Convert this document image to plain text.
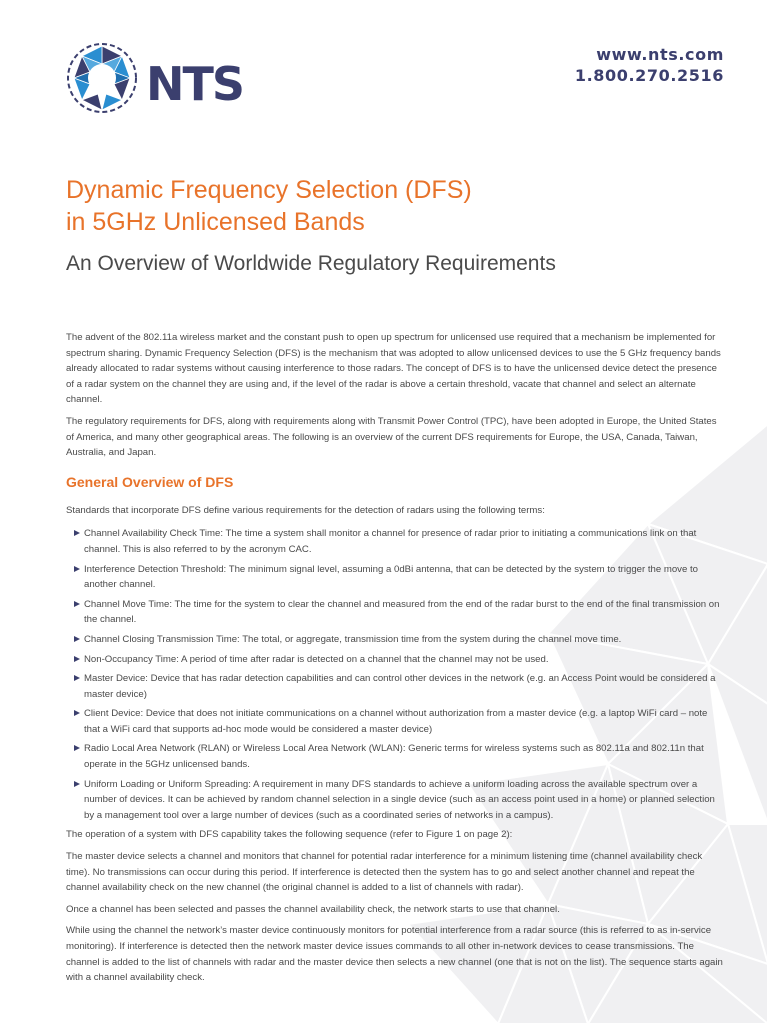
NTS
www.nts.com
1.800.270.2516
Dynamic Frequency Selection (DFS)
in 5GHz Unlicensed Bands
An Overview of Worldwide Regulatory Requirements

The advent of the 802.11a wireless market and the constant push to open up spectrum for unlicensed use required that a mechanism be implemented for spectrum sharing. Dynamic Frequency Selection (DFS) is the mechanism that was adopted to allow unlicensed devices to use the 5 GHz frequency bands already allocated to radar systems without causing interference to those radars. The concept of DFS is to have the unlicensed device detect the presence of a radar system on the channel they are using and, if the level of the radar is above a certain threshold, vacate that channel and select an alternate channel.

The regulatory requirements for DFS, along with requirements along with Transmit Power Control (TPC), have been adopted in Europe, the United States of America, and many other geographical areas. The following is an overview of the current DFS requirements for Europe, the USA, Canada, Taiwan, Australia, and Japan.

General Overview of DFS

Standards that incorporate DFS define various requirements for the detection of radars using the following terms:

Channel Availability Check Time: The time a system shall monitor a channel for presence of radar prior to initiating a communications link on that channel. This is also referred to by the acronym CAC.
Interference Detection Threshold: The minimum signal level, assuming a 0dBi antenna, that can be detected by the system to trigger the move to another channel.
Channel Move Time: The time for the system to clear the channel and measured from the end of the radar burst to the end of the final transmission on the channel.
Channel Closing Transmission Time: The total, or aggregate, transmission time from the system during the channel move time.
Non-Occupancy Time: A period of time after radar is detected on a channel that the channel may not be used.
Master Device: Device that has radar detection capabilities and can control other devices in the network (e.g. an Access Point would be considered a master device)
Client Device: Device that does not initiate communications on a channel without authorization from a master device (e.g. a laptop WiFi card – note that a WiFi card that supports ad-hoc mode would be considered a master device)
Radio Local Area Network (RLAN) or Wireless Local Area Network (WLAN): Generic terms for wireless systems such as 802.11a and 802.11n that operate in the 5GHz unlicensed bands.
Uniform Loading or Uniform Spreading: A requirement in many DFS standards to achieve a uniform loading across the available spectrum over a number of devices. It can be achieved by random channel selection in a single device (such as an access point used in a home) or planned selection by a management tool over a large number of devices (such as a coordinated series of networks in a campus).

The operation of a system with DFS capability takes the following sequence (refer to Figure 1 on page 2):

The master device selects a channel and monitors that channel for potential radar interference for a minimum listening time (channel availability check time). No transmissions can occur during this period. If interference is detected then the system has to go and select another channel and repeat the channel availability check on the new channel (the original channel is added to a list of channels with radar).

Once a channel has been selected and passes the channel availability check, the network starts to use that channel.

While using the channel the network’s master device continuously monitors for potential interference from a radar source (this is referred to as in-service monitoring). If interference is detected then the network master device issues commands to all other in-network devices to cease transmissions. The channel is added to the list of channels with radar and the master device then selects a new channel (one that is not on the list). The sequence starts again with a channel availability check.
